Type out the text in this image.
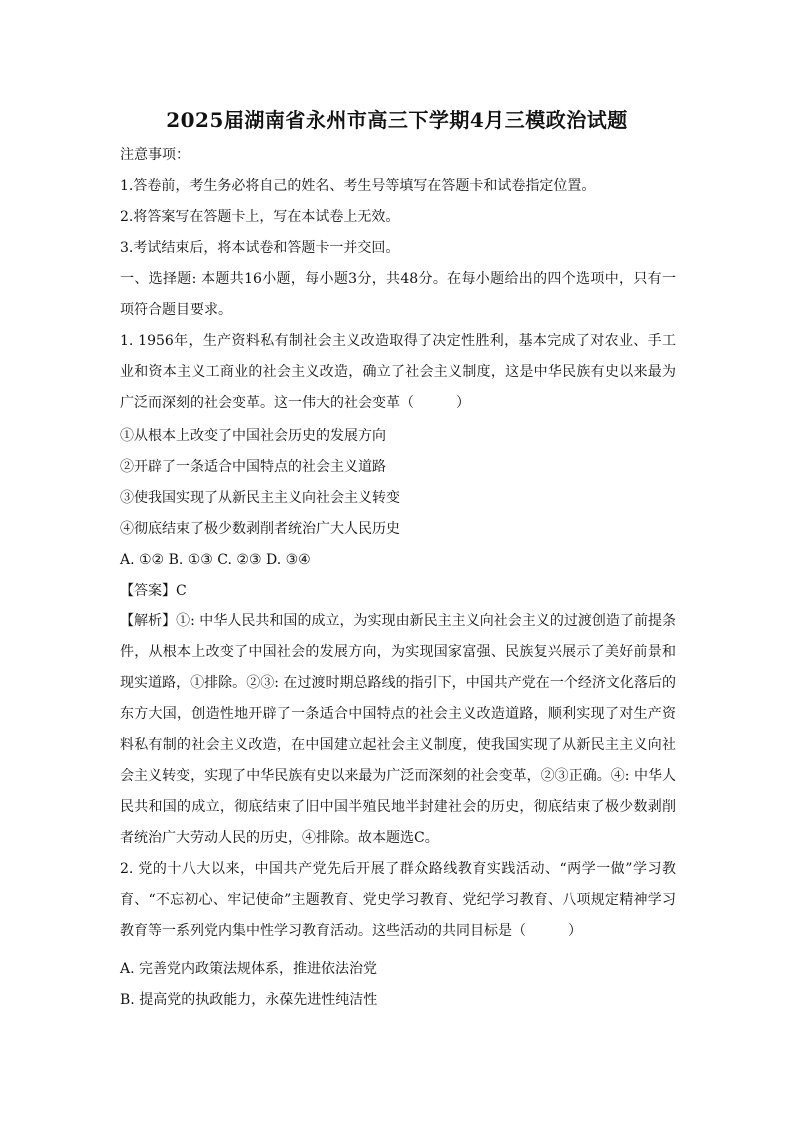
2025届湖南省永州市高三下学期4月三模政治试题
注意事项：
1.答卷前，考生务必将自己的姓名、考生号等填写在答题卡和试卷指定位置。
2.将答案写在答题卡上，写在本试卷上无效。
3.考试结束后，将本试卷和答题卡一并交回。
一、选择题: 本题共16小题，每小题3分，共48分。在每小题给出的四个选项中，只有一项符合题目要求。
1. 1956年，生产资料私有制社会主义改造取得了决定性胜利，基本完成了对农业、手工业和资本主义工商业的社会主义改造，确立了社会主义制度，这是中华民族有史以来最为广泛而深刻的社会变革。这一伟大的社会变革（　　　）
①从根本上改变了中国社会历史的发展方向
②开辟了一条适合中国特点的社会主义道路
③使我国实现了从新民主主义向社会主义转变
④彻底结束了极少数剥削者统治广大人民历史
A. ①② B. ①③ C. ②③ D. ③④
【答案】C
【解析】①: 中华人民共和国的成立，为实现由新民主主义向社会主义的过渡创造了前提条件，从根本上改变了中国社会的发展方向，为实现国家富强、民族复兴展示了美好前景和现实道路，①排除。②③: 在过渡时期总路线的指引下，中国共产党在一个经济文化落后的东方大国，创造性地开辟了一条适合中国特点的社会主义改造道路，顺利实现了对生产资料私有制的社会主义改造，在中国建立起社会主义制度，使我国实现了从新民主主义向社会主义转变，实现了中华民族有史以来最为广泛而深刻的社会变革，②③正确。④: 中华人民共和国的成立，彻底结束了旧中国半殖民地半封建社会的历史，彻底结束了极少数剥削者统治广大劳动人民的历史，④排除。故本题选C。
2. 党的十八大以来，中国共产党先后开展了群众路线教育实践活动、“两学一做”学习教育、“不忘初心、牢记使命”主题教育、党史学习教育、党纪学习教育、八项规定精神学习教育等一系列党内集中性学习教育活动。这些活动的共同目标是（　　　）
A. 完善党内政策法规体系，推进依法治党
B. 提高党的执政能力，永葆先进性纯洁性
